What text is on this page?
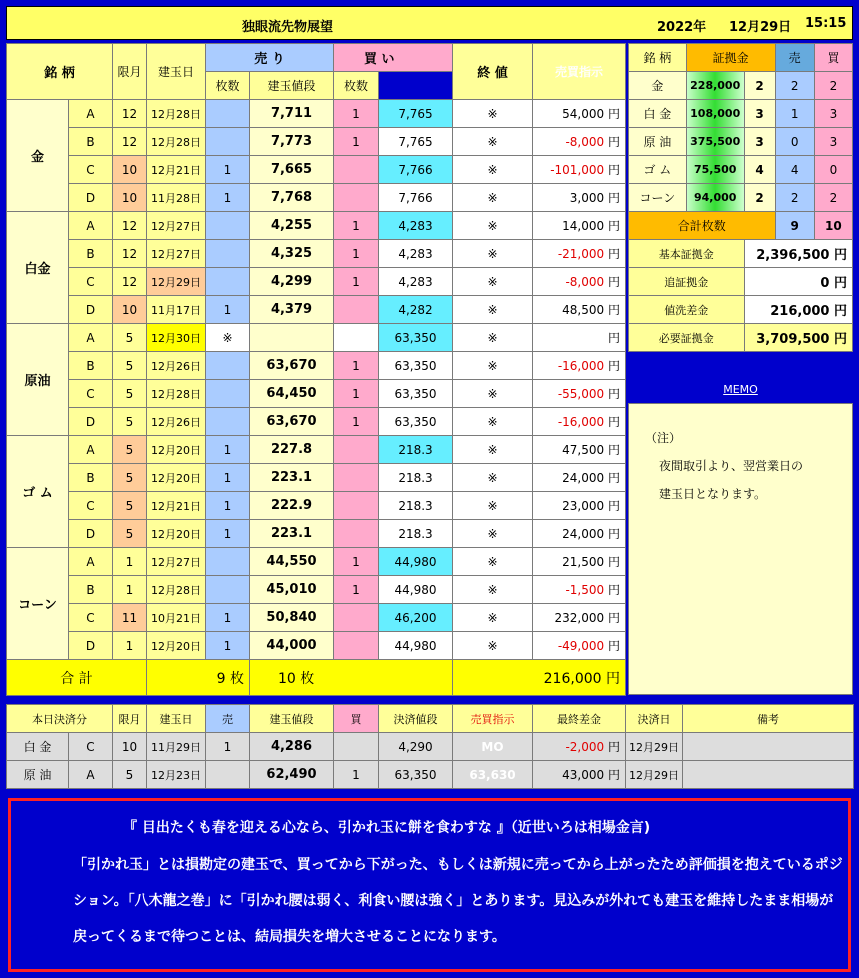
独眼流先物展望	2022年 12月29日 15:15
銘 柄		限月	建玉日	売 り		買 い		終 値	売買指示	
				枚数	建玉値段	枚数				
金	A	12	12月28日		7,711	1	7,765	※	54,000 円	
	B	12	12月28日		7,773	1	7,765	※	-8,000 円	
	C	10	12月21日	1	7,665		7,766	※	-101,000 円	
	D	10	11月28日	1	7,768		7,766	※	3,000 円	
白金	A	12	12月27日		4,255	1	4,283	※	14,000 円	
	B	12	12月27日		4,325	1	4,283	※	-21,000 円	
	C	12	12月29日		4,299	1	4,283	※	-8,000 円	
	D	10	11月17日	1	4,379		4,282	※	48,500 円	
原油	A	5	12月30日	※			63,350	※	円	
	B	5	12月26日		63,670	1	63,350	※	-16,000 円	
	C	5	12月28日		64,450	1	63,350	※	-55,000 円	
	D	5	12月26日		63,670	1	63,350	※	-16,000 円	
ゴ ム	A	5	12月20日	1	227.8		218.3	※	47,500 円	
	B	5	12月20日	1	223.1		218.3	※	24,000 円	
	C	5	12月21日	1	222.9		218.3	※	23,000 円	
	D	5	12月20日	1	223.1		218.3	※	24,000 円	
コーン	A	1	12月27日		44,550	1	44,980	※	21,500 円	
	B	1	12月28日		45,010	1	44,980	※	-1,500 円	
	C	11	10月21日	1	50,840		46,200	※	232,000 円	
	D	1	12月20日	1	44,000		44,980	※	-49,000 円	
合 計			9 枚		10 枚			216,000 円		
銘 柄	証拠金		売	買
金	228,000	2	2	2
白 金	108,000	3	1	3
原 油	375,500	3	0	3
ゴ ム	75,500	4	4	0
コーン	94,000	2	2	2
合計枚数			9	10
基本証拠金		2,396,500 円		
追証拠金		0 円		
値洗差金		216,000 円		
必要証拠金		3,709,500 円		
MEMO
（注）
夜間取引より、翌営業日の
建玉日となります。
本日決済分		限月	建玉日	売	建玉値段	買	決済値段	売買指示	最終差金	決済日	備考
白 金	C	10	11月29日	1	4,286		4,290	MO	-2,000 円	12月29日	
原 油	A	5	12月23日		62,490	1	63,350	63,630	43,000 円	12月29日	
『 目出たくも春を迎える心なら、引かれ玉に餅を食わすな 』（近世いろは相場金言)
「引かれ玉」とは損勘定の建玉で、買ってから下がった、もしくは新規に売ってから上がったため評価損を抱えているポジション。「八木龍之巻」に「引かれ腰は弱く、利食い腰は強く」とあります。見込みが外れても建玉を維持したまま相場が戻ってくるまで待つことは、結局損失を増大させることになります。
